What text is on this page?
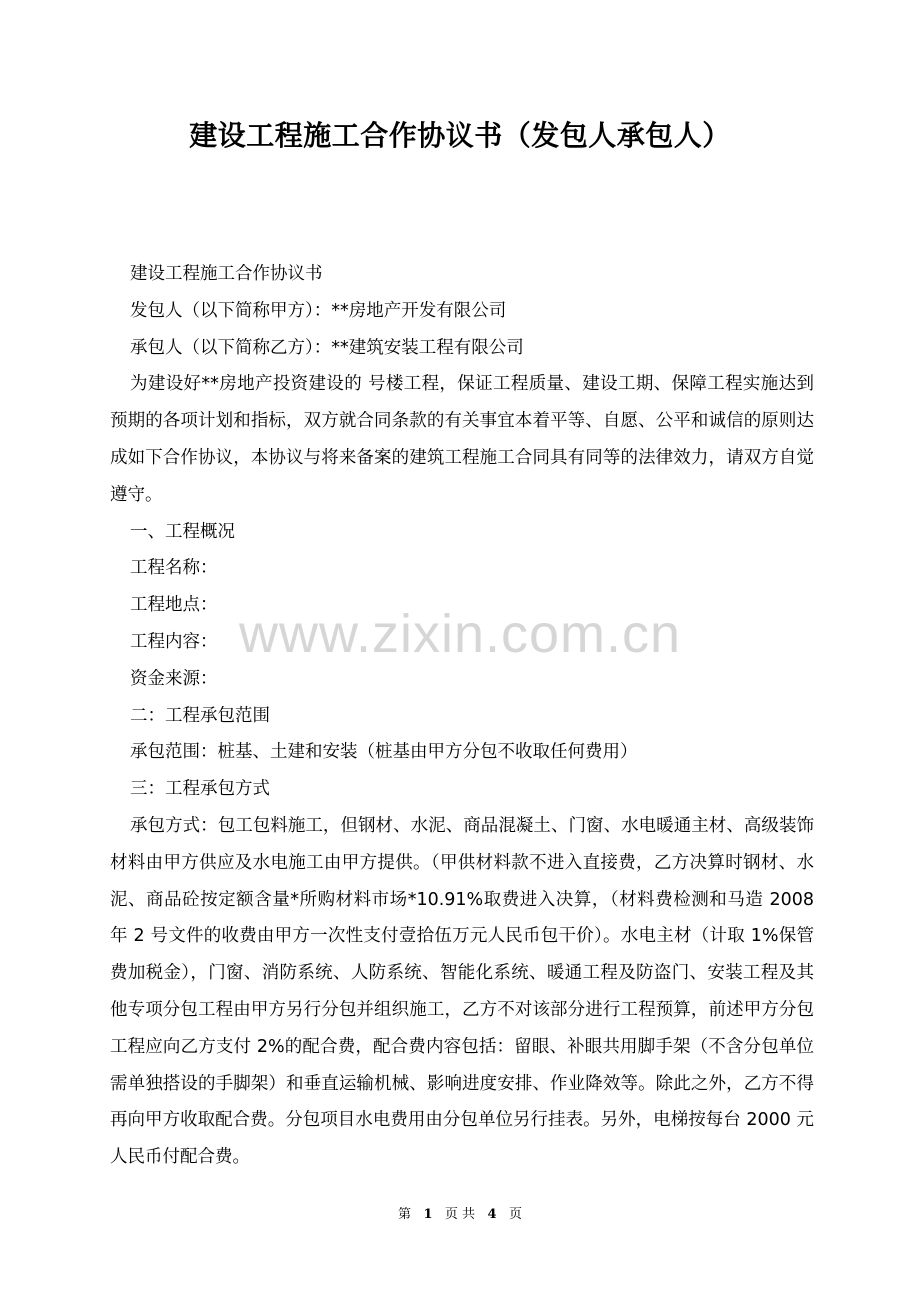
建设工程施工合作协议书（发包人承包人）

建设工程施工合作协议书

发包人（以下简称甲方）：**房地产开发有限公司

承包人（以下简称乙方）：**建筑安装工程有限公司

为建设好**房地产投资建设的 号楼工程，保证工程质量、建设工期、保障工程实施达到预期的各项计划和指标，双方就合同条款的有关事宜本着平等、自愿、公平和诚信的原则达成如下合作协议，本协议与将来备案的建筑工程施工合同具有同等的法律效力，请双方自觉遵守。

一、工程概况

工程名称：

工程地点：

工程内容：

资金来源：

二：工程承包范围

承包范围：桩基、土建和安装（桩基由甲方分包不收取任何费用）

三：工程承包方式

承包方式：包工包料施工，但钢材、水泥、商品混凝土、门窗、水电暖通主材、高级装饰材料由甲方供应及水电施工由甲方提供。（甲供材料款不进入直接费，乙方决算时钢材、水泥、商品砼按定额含量*所购材料市场*10.91%取费进入决算，（材料费检测和马造 2008 年 2 号文件的收费由甲方一次性支付壹拾伍万元人民币包干价）。水电主材（计取 1%保管费加税金），门窗、消防系统、人防系统、智能化系统、暖通工程及防盗门、安装工程及其他专项分包工程由甲方另行分包并组织施工，乙方不对该部分进行工程预算，前述甲方分包工程应向乙方支付 2%的配合费，配合费内容包括：留眼、补眼共用脚手架（不含分包单位需单独搭设的手脚架）和垂直运输机械、影响进度安排、作业降效等。除此之外，乙方不得再向甲方收取配合费。分包项目水电费用由分包单位另行挂表。另外，电梯按每台 2000 元人民币付配合费。

www.zixin.com.cn
第 1 页 共 4 页
